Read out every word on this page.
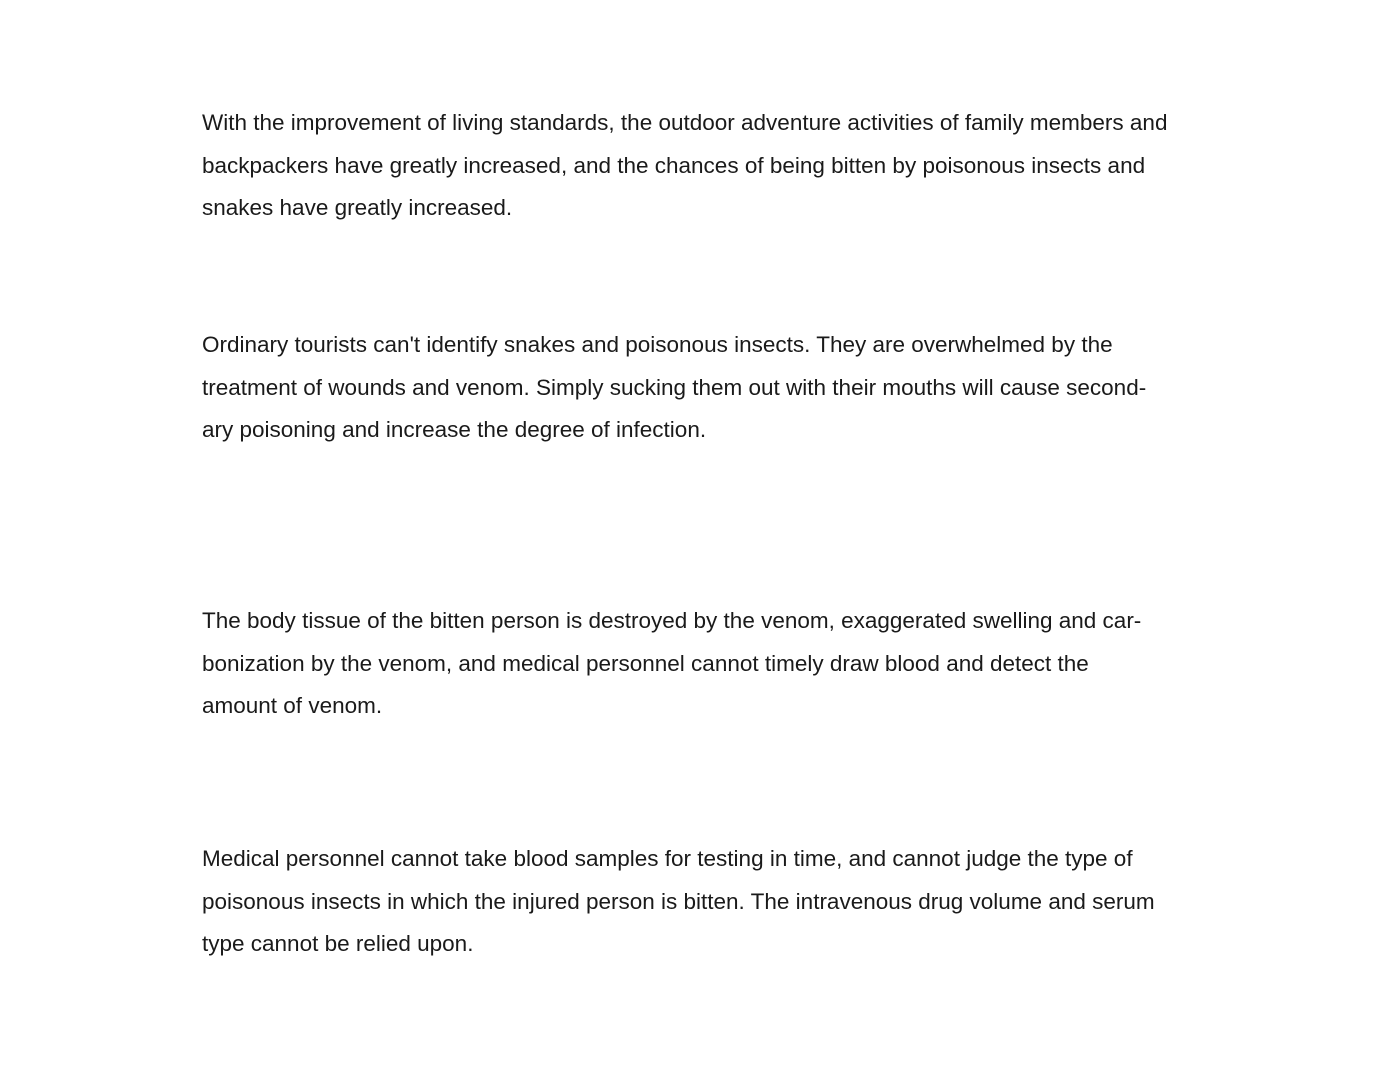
With the improvement of living standards, the outdoor adventure activities of family members and
backpackers have greatly increased, and the chances of being bitten by poisonous insects and
snakes have greatly increased.

Ordinary tourists can't identify snakes and poisonous insects. They are overwhelmed by the
treatment of wounds and venom. Simply sucking them out with their mouths will cause second-
ary poisoning and increase the degree of infection.

The body tissue of the bitten person is destroyed by the venom, exaggerated swelling and car-
bonization by the venom, and medical personnel cannot timely draw blood and detect the
amount of venom.

Medical personnel cannot take blood samples for testing in time, and cannot judge the type of
poisonous insects in which the injured person is bitten. The intravenous drug volume and serum
type cannot be relied upon.
